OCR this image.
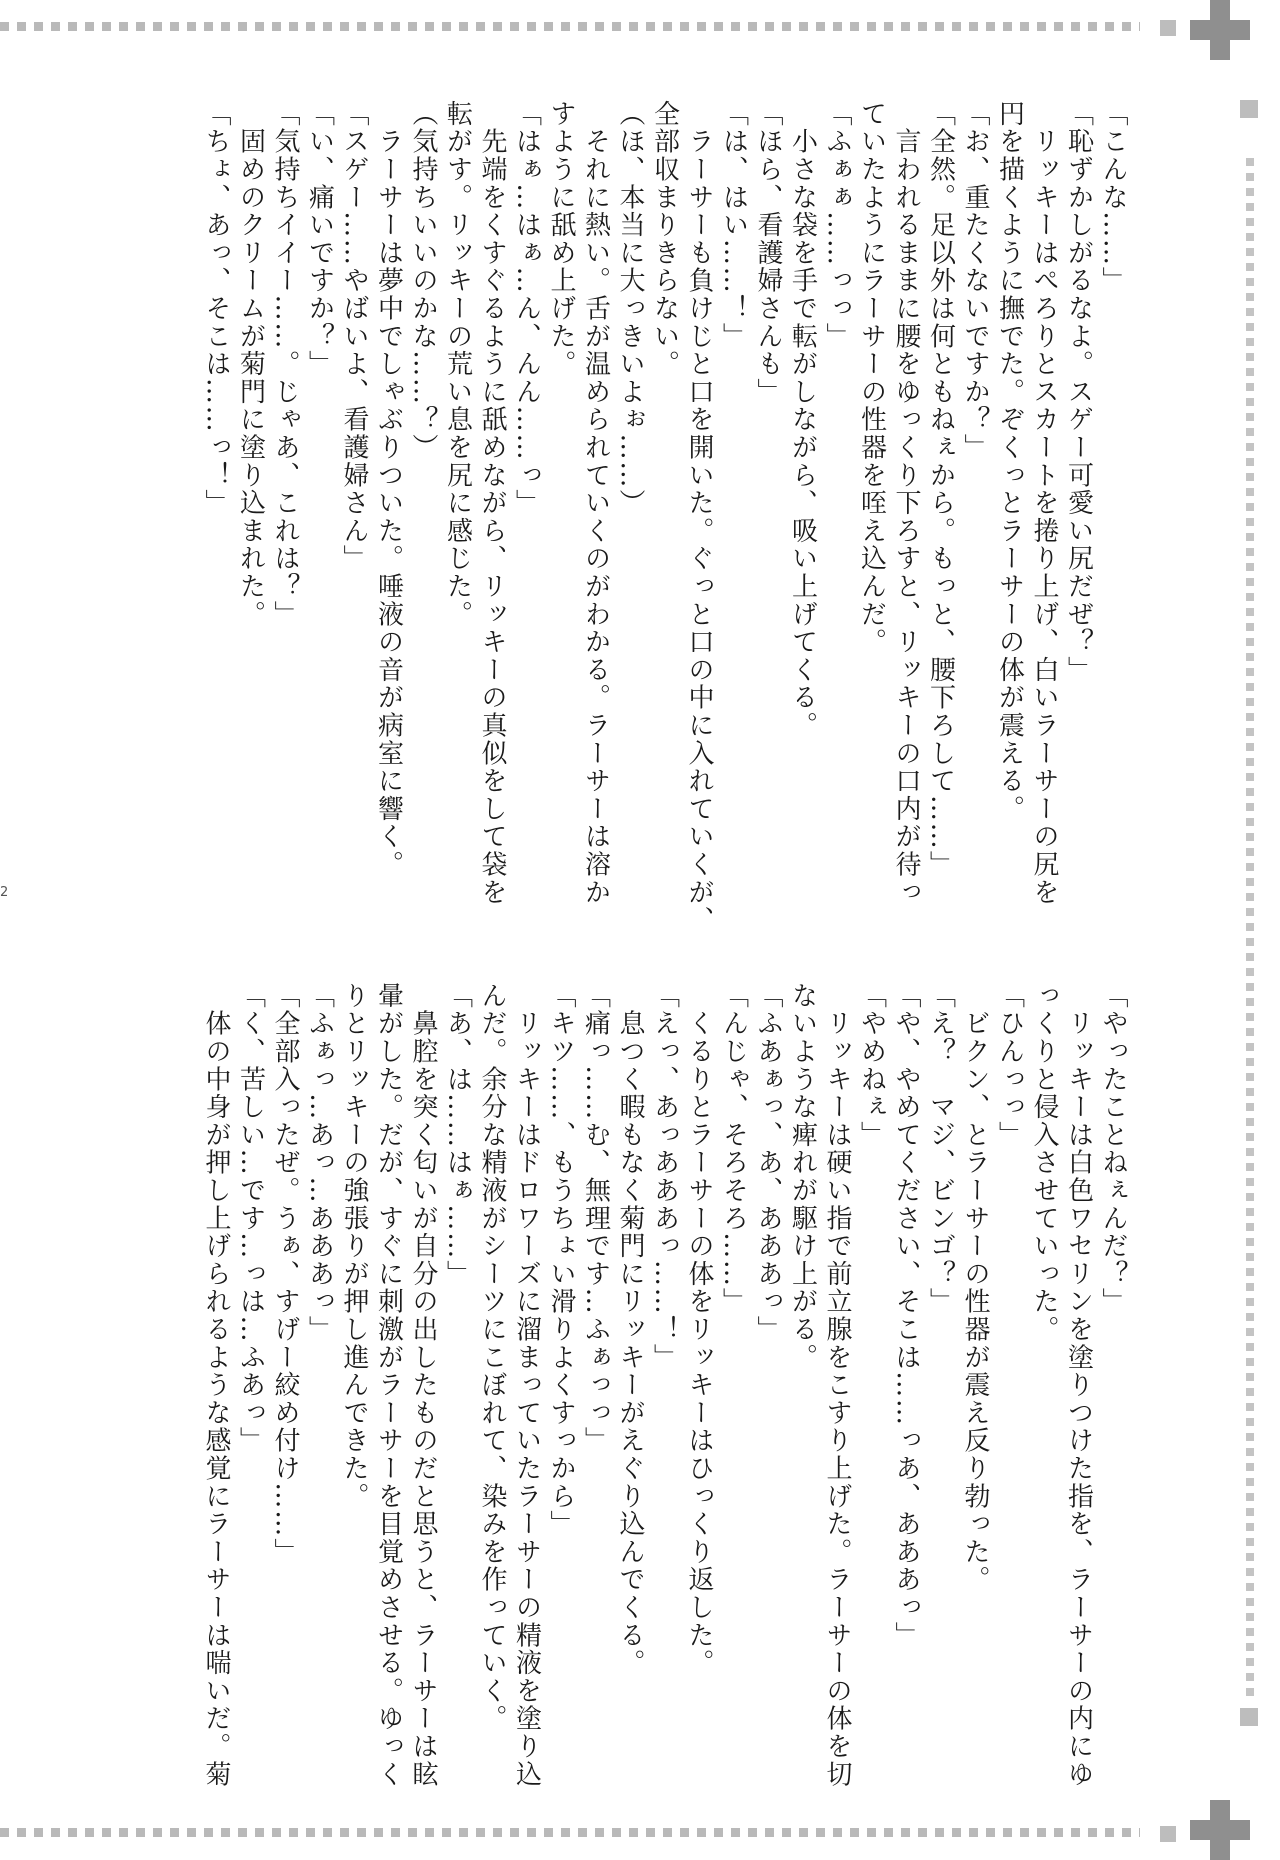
2

「こんな……」

「恥ずかしがるなよ。スゲー可愛い尻だぜ？」

　リッキーはぺろりとスカートを捲り上げ、白いラーサーの尻を

円を描くように撫でた。ぞくっとラーサーの体が震える。

「お、重たくないですか？」

「全然。足以外は何ともねぇから。もっと、腰下ろして……」

　言われるままに腰をゆっくり下ろすと、リッキーの口内が待っ

ていたようにラーサーの性器を咥え込んだ。

「ふぁぁ……っっ」

　小さな袋を手で転がしながら、吸い上げてくる。

「ほら、看護婦さんも」

「は、はい……！」

　ラーサーも負けじと口を開いた。ぐっと口の中に入れていくが、

全部収まりきらない。

（ほ、本当に大っきいよぉ……）

　それに熱い。舌が温められていくのがわかる。ラーサーは溶か

すように舐め上げた。

「はぁ…はぁ…ん、んん……っ」

　先端をくすぐるように舐めながら、リッキーの真似をして袋を

転がす。リッキーの荒い息を尻に感じた。

（気持ちいいのかな……？）

　ラーサーは夢中でしゃぶりついた。唾液の音が病室に響く。

「スゲー……やばいよ、看護婦さん」

「い、痛いですか？」

「気持ちイイー……。じゃあ、これは？」

　固めのクリームが菊門に塗り込まれた。

「ちょ、あっ、そこは……っ！」

「やったことねぇんだ？」

　リッキーは白色ワセリンを塗りつけた指を、ラーサーの内にゆ

っくりと侵入させていった。

「ひんっっ」

　ビクン、とラーサーの性器が震え反り勃った。

「え？　マジ、ビンゴ？」

「や、やめてください、そこは……っあ、あああっ」

「やめねぇ」

　リッキーは硬い指で前立腺をこすり上げた。ラーサーの体を切

ないような痺れが駆け上がる。

「ふあぁっ、あ、あああっ」

「んじゃ、そろそろ……」

　くるりとラーサーの体をリッキーはひっくり返した。

「えっ、あっあああっ……！」

　息つく暇もなく菊門にリッキーがえぐり込んでくる。

「痛っ……む、無理です…ふぁっっ」

「キツ……、もうちょい滑りよくすっから」

　リッキーはドロワーズに溜まっていたラーサーの精液を塗り込

んだ。余分な精液がシーツにこぼれて、染みを作っていく。

「あ、は……はぁ……」

　鼻腔を突く匂いが自分の出したものだと思うと、ラーサーは眩

暈がした。だが、すぐに刺激がラーサーを目覚めさせる。ゆっく

りとリッキーの強張りが押し進んできた。

「ふぁっ…あっ…あああっ」

「全部入ったぜ。うぁ、すげー絞め付け……」

「く、苦しい…です…っは…ふあっ」

　体の中身が押し上げられるような感覚にラーサーは喘いだ。菊
